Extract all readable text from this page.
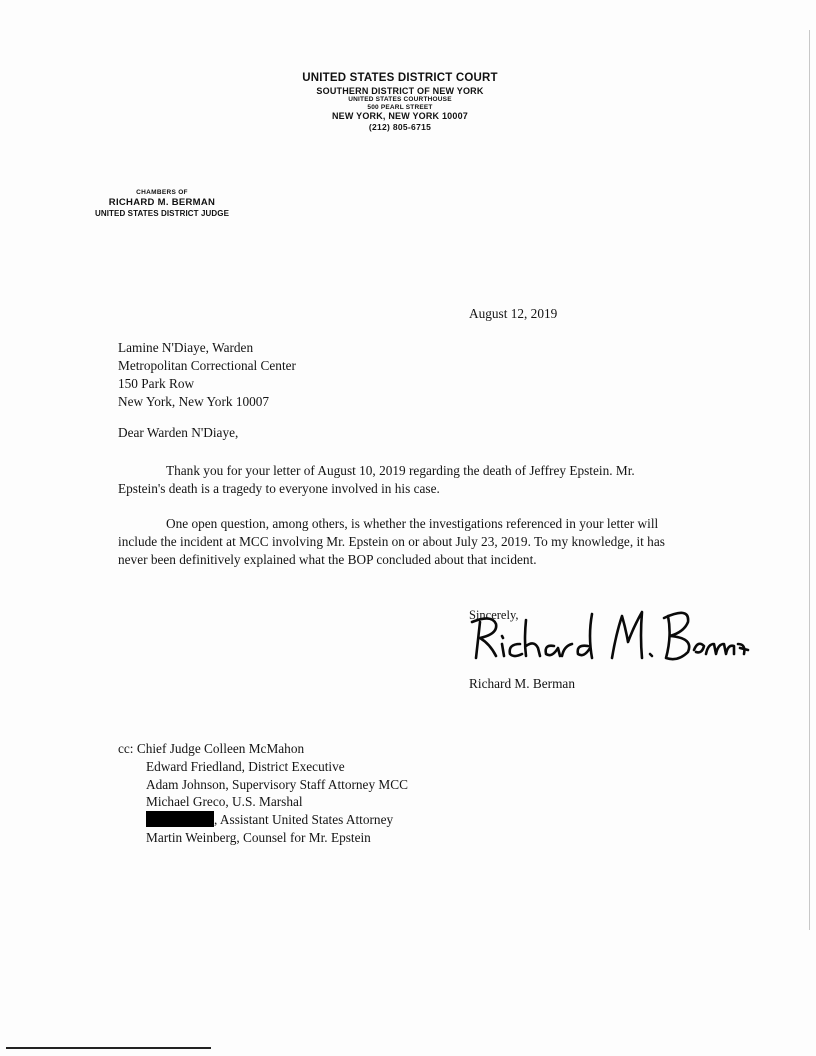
UNITED STATES DISTRICT COURT
SOUTHERN DISTRICT OF NEW YORK
UNITED STATES COURTHOUSE
500 PEARL STREET
NEW YORK, NEW YORK 10007
(212) 805-6715
CHAMBERS OF
RICHARD M. BERMAN
UNITED STATES DISTRICT JUDGE
August 12, 2019
Lamine N'Diaye, Warden
Metropolitan Correctional Center
150 Park Row
New York, New York 10007
Dear Warden N'Diaye,
Thank you for your letter of August 10, 2019 regarding the death of Jeffrey Epstein. Mr. Epstein's death is a tragedy to everyone involved in his case.
One open question, among others, is whether the investigations referenced in your letter will include the incident at MCC involving Mr. Epstein on or about July 23, 2019. To my knowledge, it has never been definitively explained what the BOP concluded about that incident.
Sincerely,
Richard M. Berman
cc: Chief Judge Colleen McMahon
Edward Friedland, District Executive
Adam Johnson, Supervisory Staff Attorney MCC
Michael Greco, U.S. Marshal
, Assistant United States Attorney
Martin Weinberg, Counsel for Mr. Epstein
